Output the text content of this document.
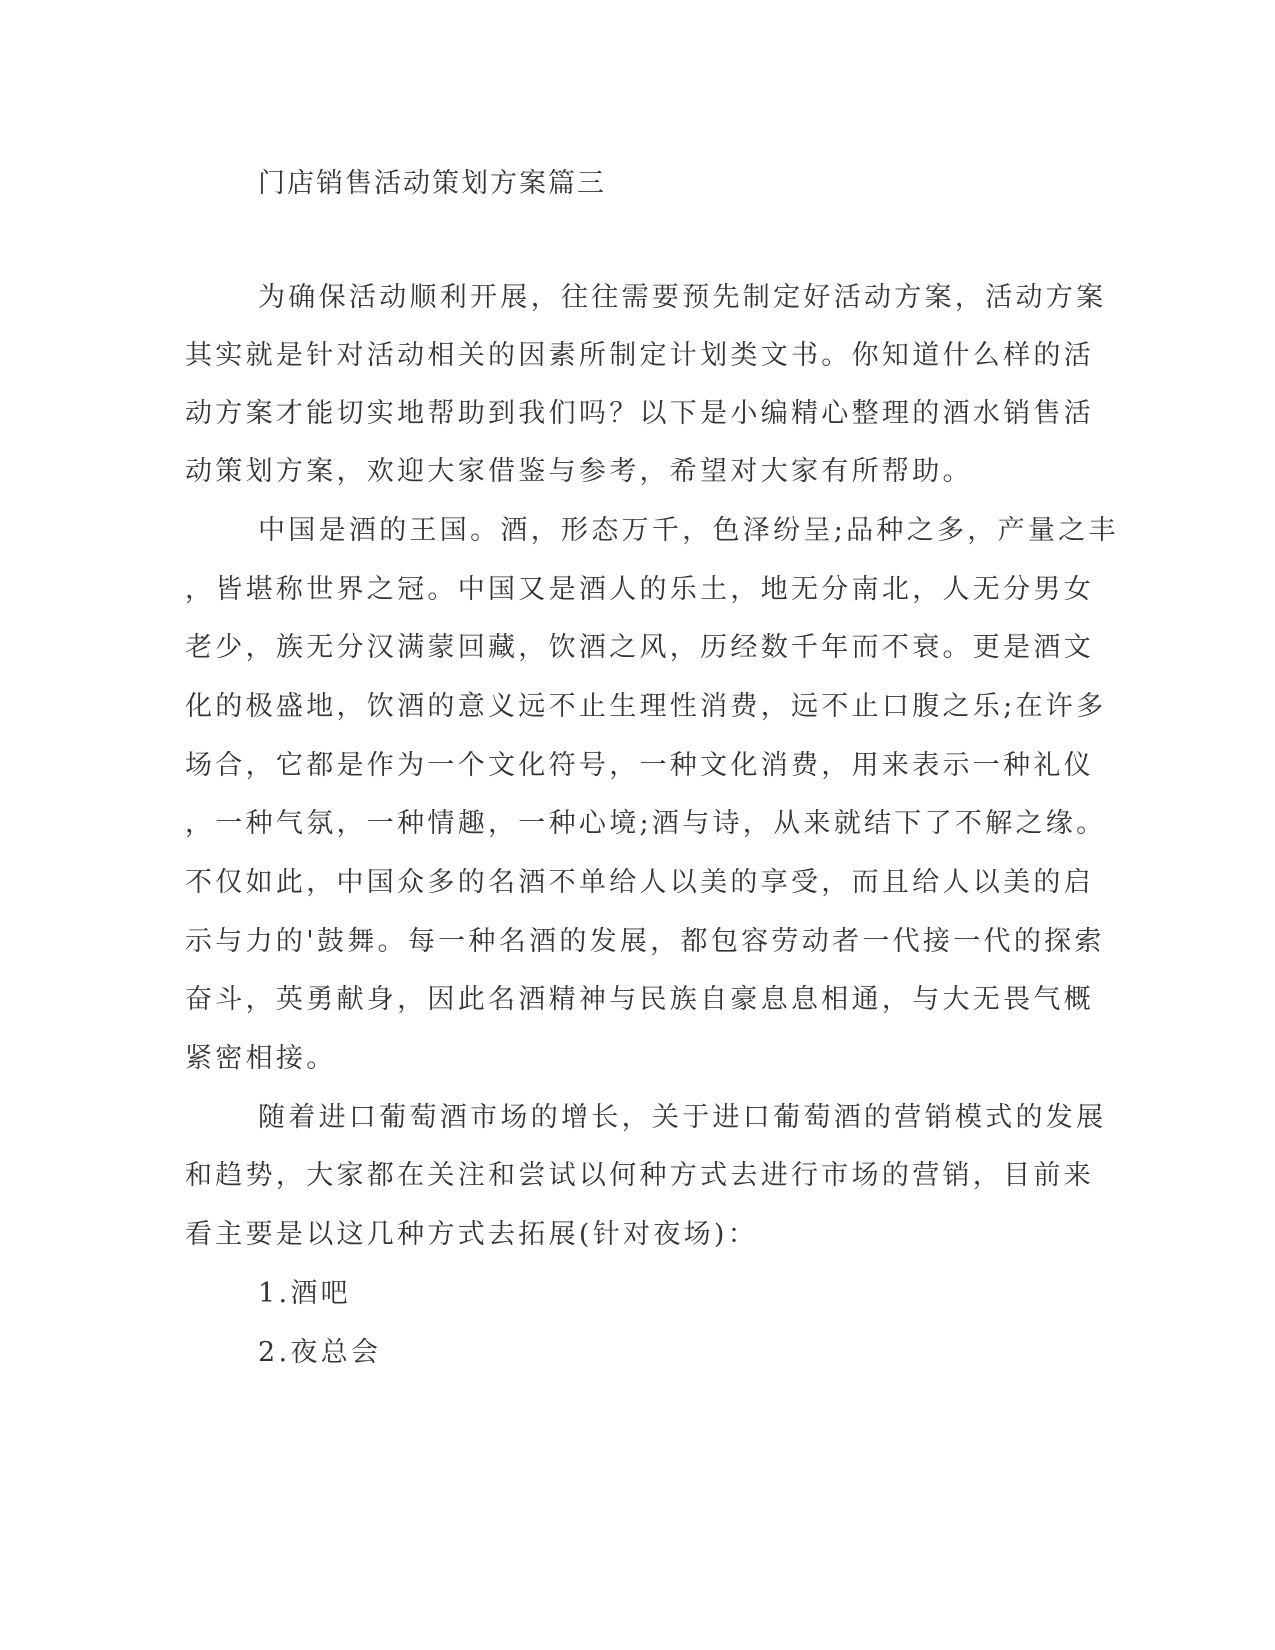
门店销售活动策划方案篇三
为确保活动顺利开展，往往需要预先制定好活动方案，活动方案
其实就是针对活动相关的因素所制定计划类文书。你知道什么样的活
动方案才能切实地帮助到我们吗？以下是小编精心整理的酒水销售活
动策划方案，欢迎大家借鉴与参考，希望对大家有所帮助。
中国是酒的王国。酒，形态万千，色泽纷呈;品种之多，产量之丰
，皆堪称世界之冠。中国又是酒人的乐土，地无分南北，人无分男女
老少，族无分汉满蒙回藏，饮酒之风，历经数千年而不衰。更是酒文
化的极盛地，饮酒的意义远不止生理性消费，远不止口腹之乐;在许多
场合，它都是作为一个文化符号，一种文化消费，用来表示一种礼仪
，一种气氛，一种情趣，一种心境;酒与诗，从来就结下了不解之缘。
不仅如此，中国众多的名酒不单给人以美的享受，而且给人以美的启
示与力的'鼓舞。每一种名酒的发展，都包容劳动者一代接一代的探索
奋斗，英勇献身，因此名酒精神与民族自豪息息相通，与大无畏气概
紧密相接。
随着进口葡萄酒市场的增长，关于进口葡萄酒的营销模式的发展
和趋势，大家都在关注和尝试以何种方式去进行市场的营销，目前来
看主要是以这几种方式去拓展(针对夜场)：
1.酒吧
2.夜总会
